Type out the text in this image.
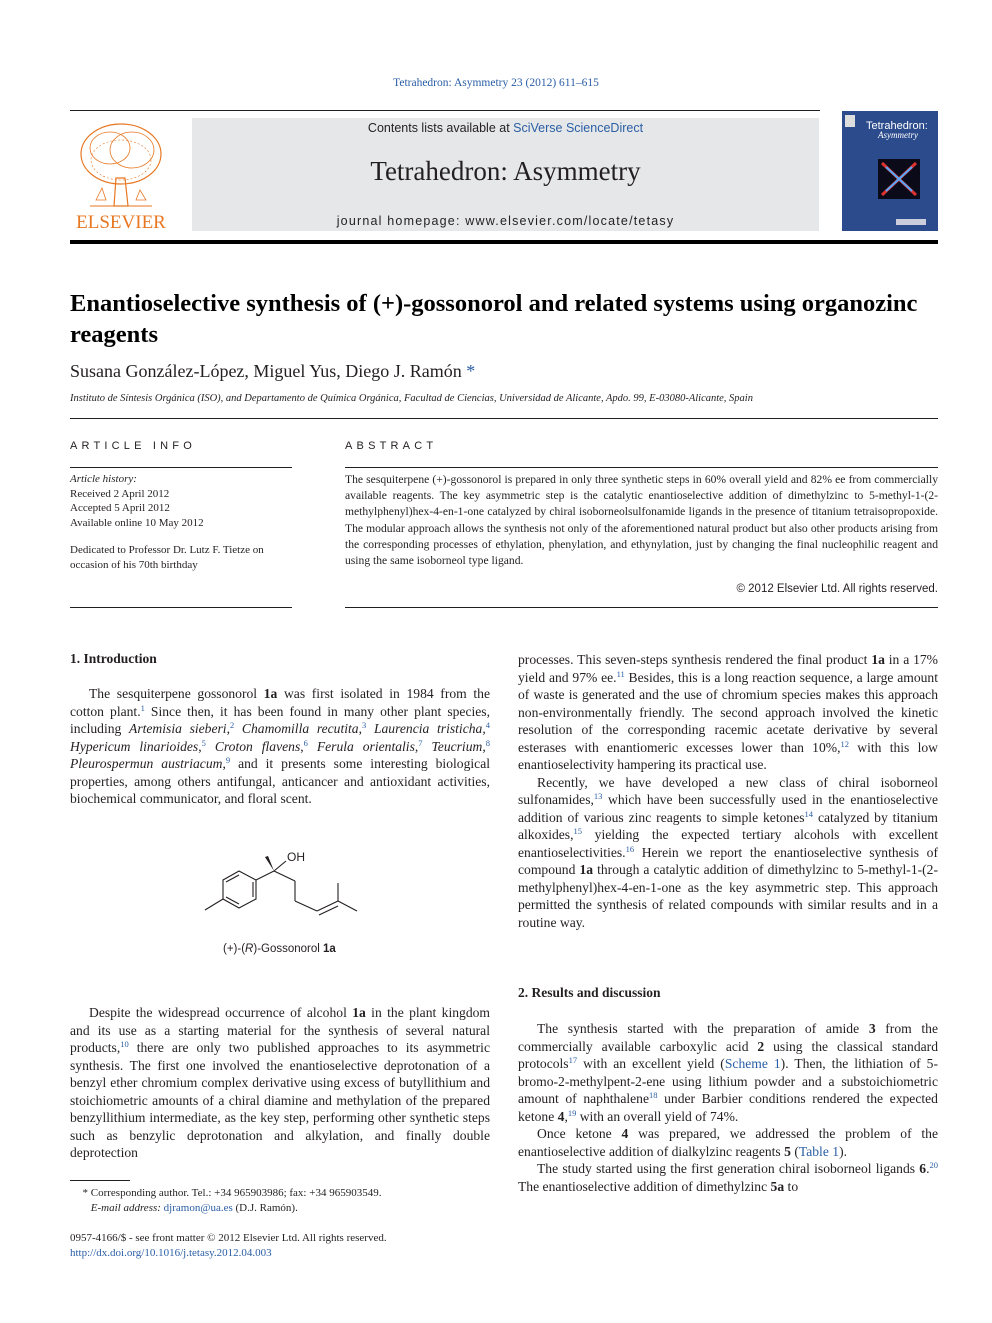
Tetrahedron: Asymmetry 23 (2012) 611–615
ELSEVIER
Contents lists available at SciVerse ScienceDirect
Tetrahedron: Asymmetry
journal homepage: www.elsevier.com/locate/tetasy
Tetrahedron:
Asymmetry
Enantioselective synthesis of (+)-gossonorol and related systems using organozinc reagents
Susana González-López, Miguel Yus, Diego J. Ramón *
Instituto de Síntesis Orgánica (ISO), and Departamento de Química Orgánica, Facultad de Ciencias, Universidad de Alicante, Apdo. 99, E-03080-Alicante, Spain
ARTICLE INFO
Article history:
Received 2 April 2012
Accepted 5 April 2012
Available online 10 May 2012
Dedicated to Professor Dr. Lutz F. Tietze on occasion of his 70th birthday
ABSTRACT
The sesquiterpene (+)-gossonorol is prepared in only three synthetic steps in 60% overall yield and 82% ee from commercially available reagents. The key asymmetric step is the catalytic enantioselective addition of dimethylzinc to 5-methyl-1-(2-methylphenyl)hex-4-en-1-one catalyzed by chiral isoborneolsulfonamide ligands in the presence of titanium tetraisopropoxide. The modular approach allows the synthesis not only of the aforementioned natural product but also other products arising from the corresponding processes of ethylation, phenylation, and ethynylation, just by changing the final nucleophilic reagent and using the same isoborneol type ligand.
© 2012 Elsevier Ltd. All rights reserved.
1. Introduction

The sesquiterpene gossonorol 1a was first isolated in 1984 from the cotton plant.$^1$ Since then, it has been found in many other plant species, including Artemisia sieberi,$^2$ Chamomilla recutita,$^3$ Laurencia tristicha,$^4$ Hypericum linarioides,$^5$ Croton flavens,$^6$ Ferula orientalis,$^7$ Teucrium,$^8$ Pleurospermun austriacum,$^9$ and it presents some interesting biological properties, among others antifungal, anticancer and antioxidant activities, biochemical communicator, and floral scent.

OH
(+)-(R)-Gossonorol 1a

Despite the widespread occurrence of alcohol 1a in the plant kingdom and its use as a starting material for the synthesis of several natural products,$^{10}$ there are only two published approaches to its asymmetric synthesis. The first one involved the enantioselective deprotonation of a benzyl ether chromium complex derivative using excess of butyllithium and stoichiometric amounts of a chiral diamine and methylation of the prepared benzyllithium intermediate, as the key step, performing other synthetic steps such as benzylic deprotonation and alkylation, and finally double deprotection

* Corresponding author. Tel.: +34 965903986; fax: +34 965903549.
E-mail address: djramon@ua.es (D.J. Ramón).
0957-4166/$ - see front matter © 2012 Elsevier Ltd. All rights reserved.
http://dx.doi.org/10.1016/j.tetasy.2012.04.003

processes. This seven-steps synthesis rendered the final product 1a in a 17% yield and 97% ee.$^{11}$ Besides, this is a long reaction sequence, a large amount of waste is generated and the use of chromium species makes this approach non-environmentally friendly. The second approach involved the kinetic resolution of the corresponding racemic acetate derivative by several esterases with enantiomeric excesses lower than 10%,$^{12}$ with this low enantioselectivity hampering its practical use.

Recently, we have developed a new class of chiral isoborneol sulfonamides,$^{13}$ which have been successfully used in the enantioselective addition of various zinc reagents to simple ketones$^{14}$ catalyzed by titanium alkoxides,$^{15}$ yielding the expected tertiary alcohols with excellent enantioselectivities.$^{16}$ Herein we report the enantioselective synthesis of compound 1a through a catalytic addition of dimethylzinc to 5-methyl-1-(2-methylphenyl)hex-4-en-1-one as the key asymmetric step. This approach permitted the synthesis of related compounds with similar results and in a routine way.

2. Results and discussion

The synthesis started with the preparation of amide 3 from the commercially available carboxylic acid 2 using the classical standard protocols$^{17}$ with an excellent yield (Scheme 1). Then, the lithiation of 5-bromo-2-methylpent-2-ene using lithium powder and a substoichiometric amount of naphthalene$^{18}$ under Barbier conditions rendered the expected ketone 4,19 with an overall yield of 74%.

Once ketone 4 was prepared, we addressed the problem of the enantioselective addition of dialkylzinc reagents 5 (Table 1).

The study started using the first generation chiral isoborneol ligands 6.20 The enantioselective addition of dimethylzinc 5a to
